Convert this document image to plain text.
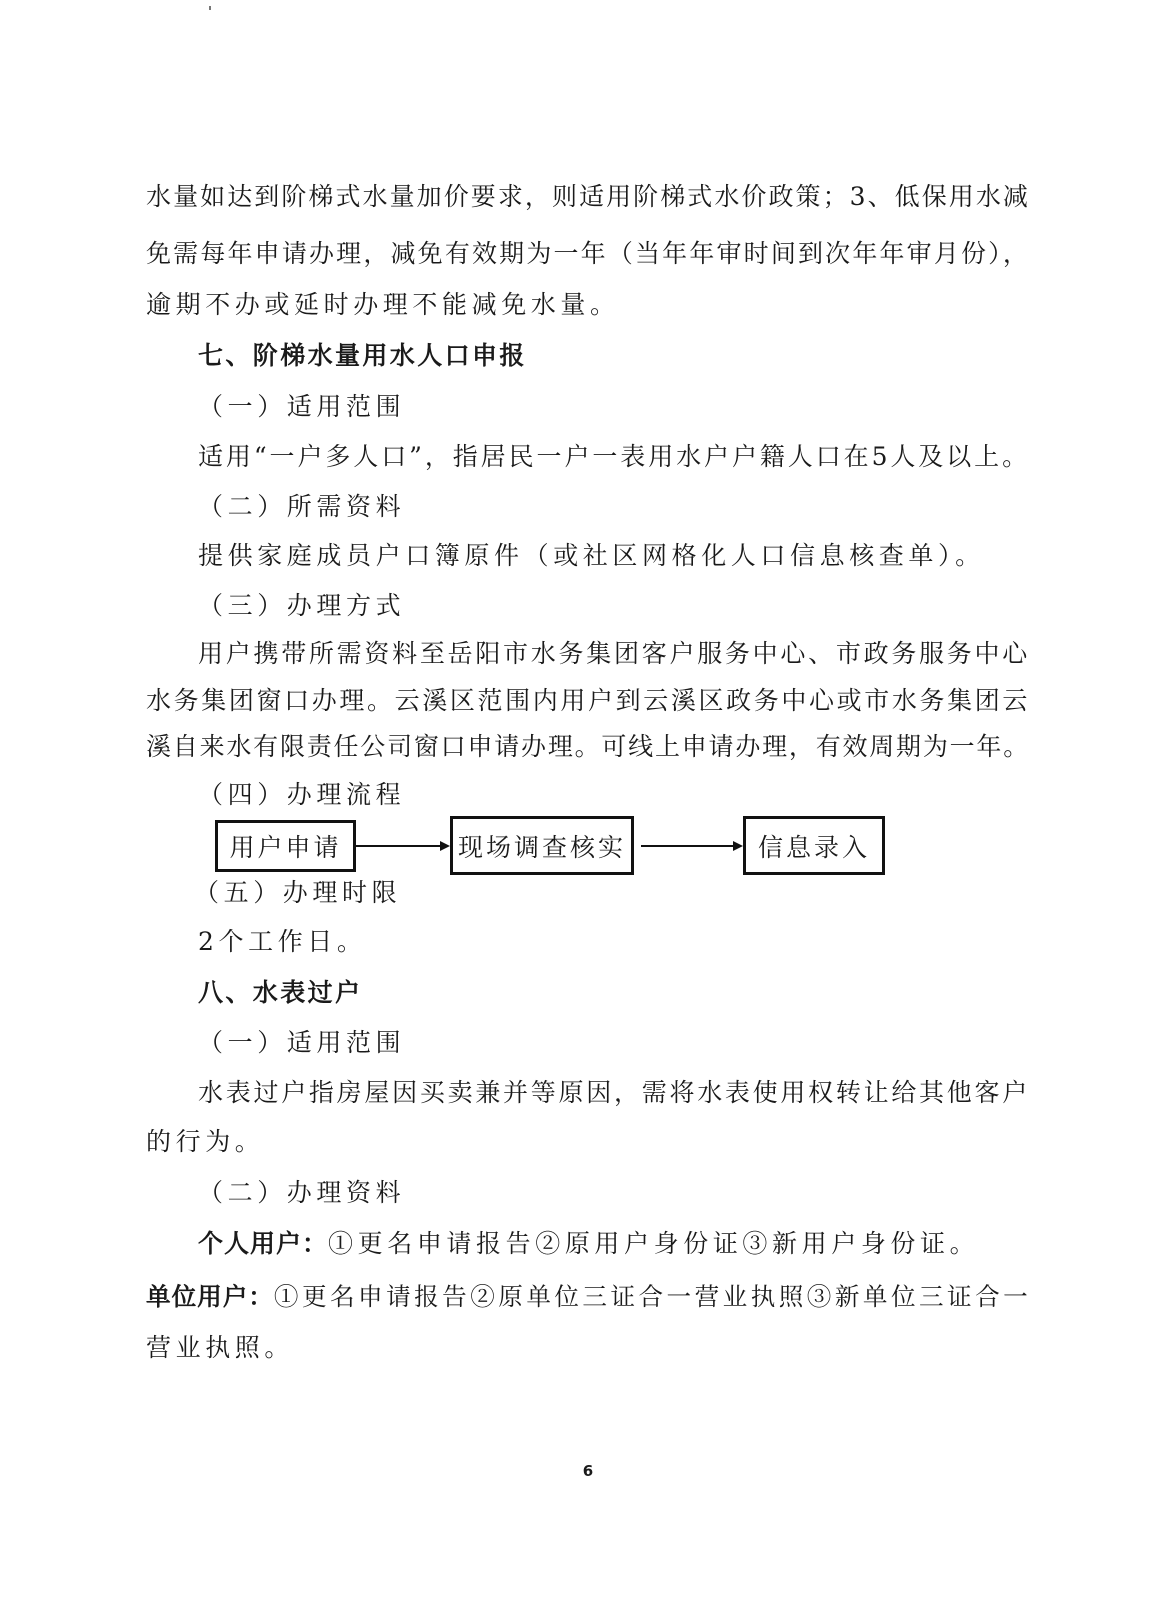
水量如达到阶梯式水量加价要求，则适用阶梯式水价政策；3、低保用水减
免需每年申请办理，减免有效期为一年（当年年审时间到次年年审月份），
逾期不办或延时办理不能减免水量。
七、阶梯水量用水人口申报
（一）适用范围
适用“一户多人口”，指居民一户一表用水户户籍人口在5人及以上。
（二）所需资料
提供家庭成员户口簿原件（或社区网格化人口信息核查单）。
（三）办理方式
用户携带所需资料至岳阳市水务集团客户服务中心、市政务服务中心
水务集团窗口办理。云溪区范围内用户到云溪区政务中心或市水务集团云
溪自来水有限责任公司窗口申请办理。可线上申请办理，有效周期为一年。
（四）办理流程
用户申请	现场调查核实	信息录入
（五）办理时限
2个工作日。
八、水表过户
（一）适用范围
水表过户指房屋因买卖兼并等原因，需将水表使用权转让给其他客户
的行为。
（二）办理资料
个人用户：①更名申请报告②原用户身份证③新用户身份证。
单位用户：①更名申请报告②原单位三证合一营业执照③新单位三证合一
营业执照。
6
